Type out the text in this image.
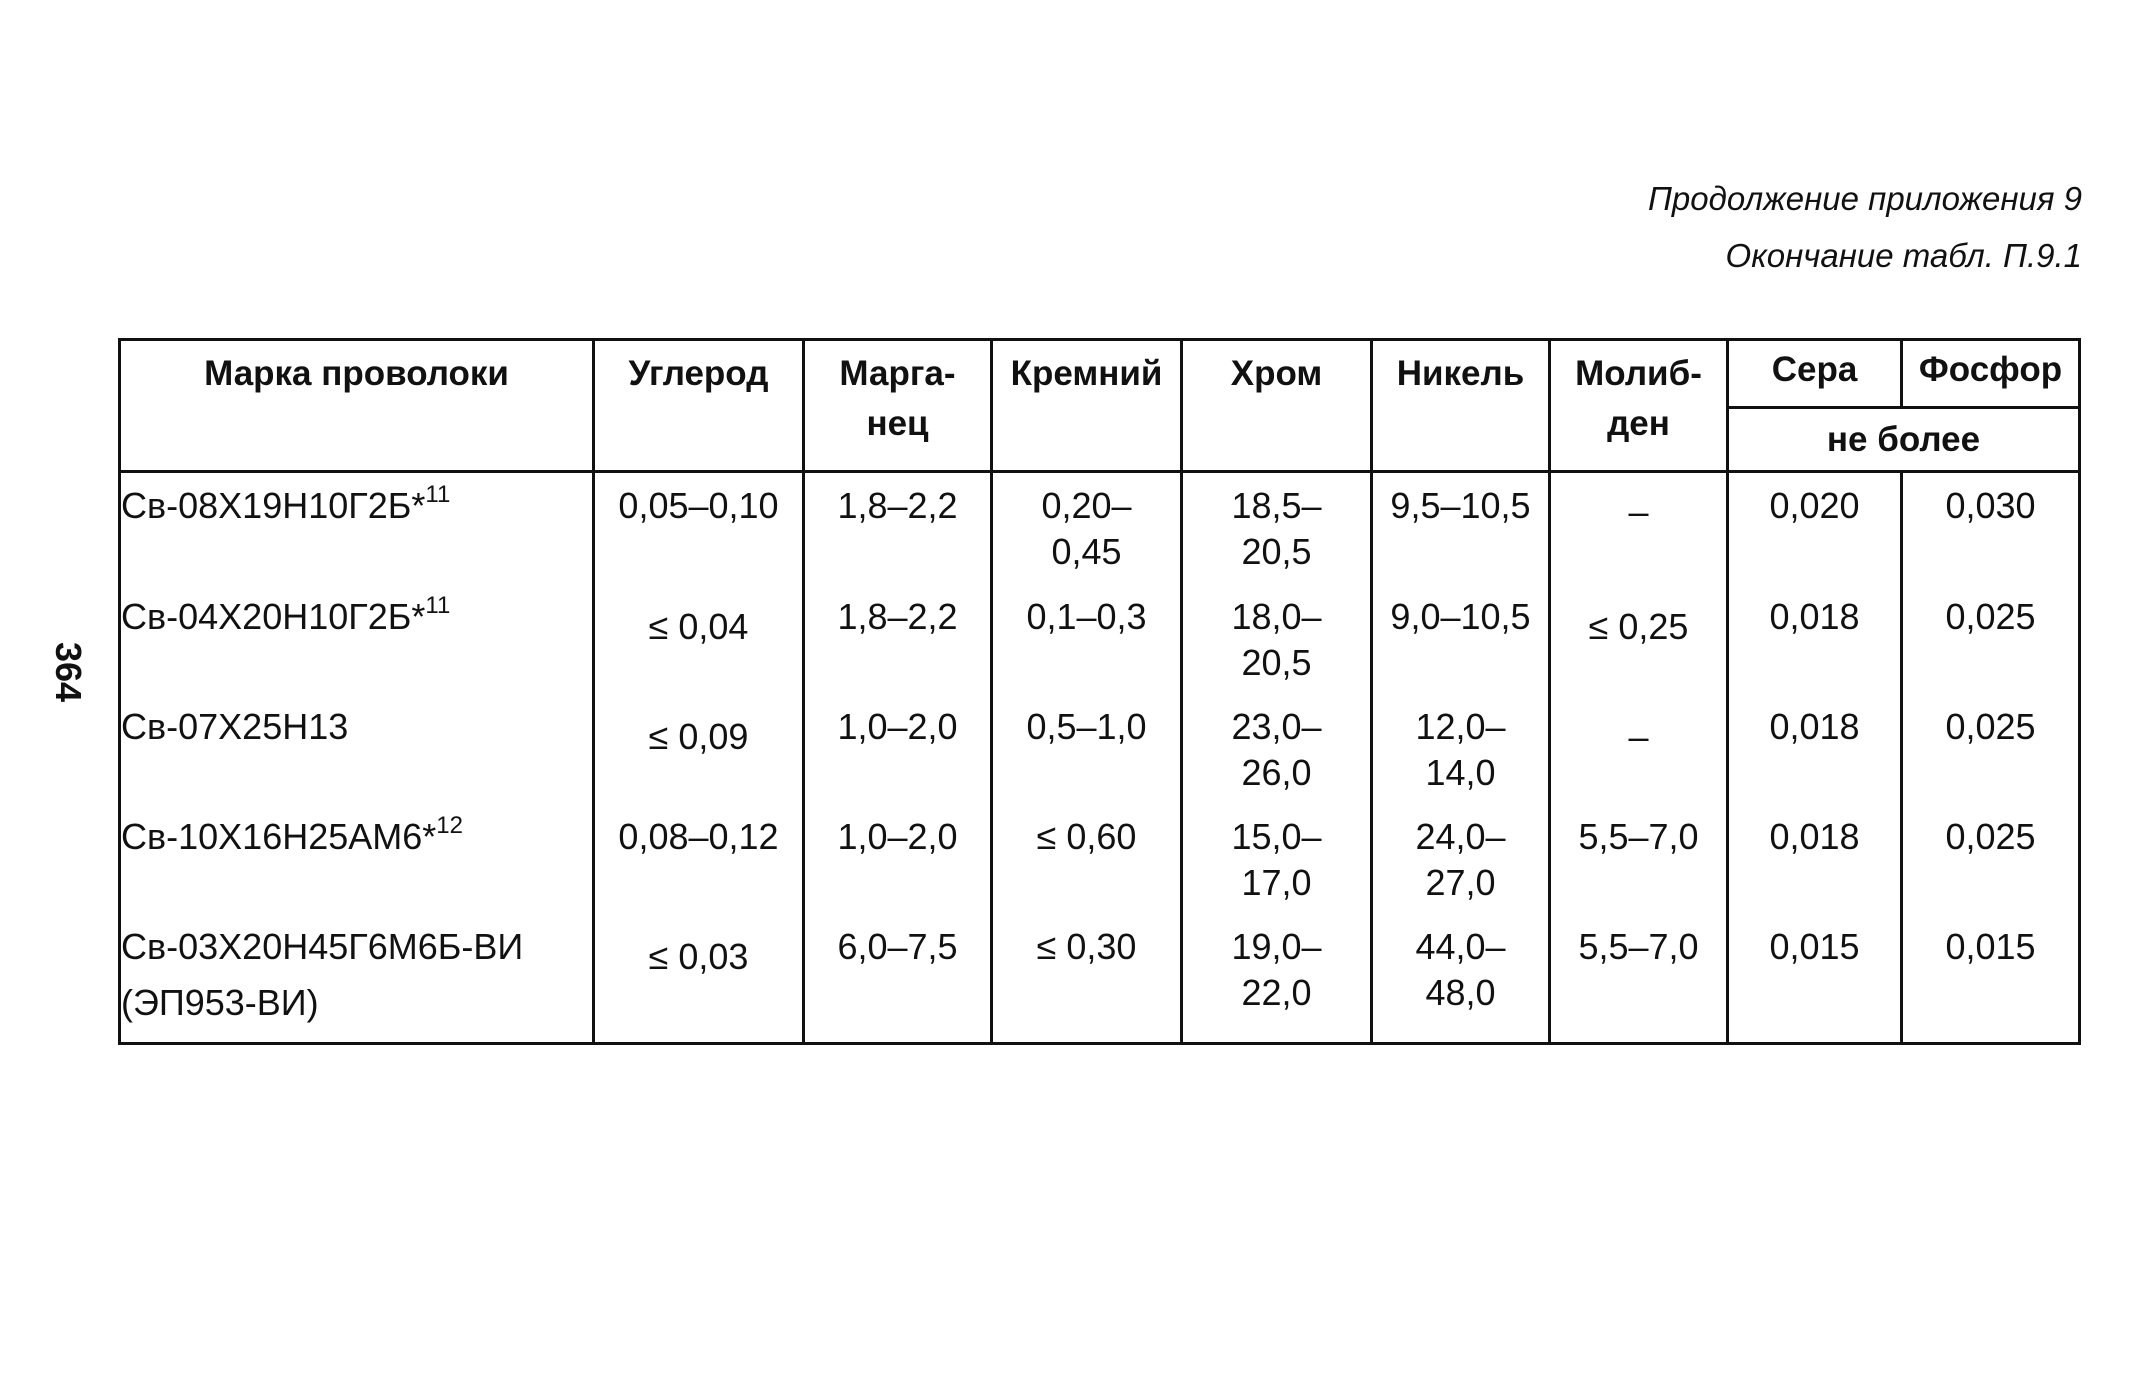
Продолжение приложения 9
Окончание табл. П.9.1
364
Марка проволоки	Углерод	Марга-нец	Кремний	Хром	Никель	Молиб-ден	Сера	Фосфор
							не более	
Св-08Х19Н10Г2Б*$^{11}$	0,05–0,10	1,8–2,2	0,20–0,45	18,5–20,5	9,5–10,5	–	0,020	0,030
Св-04Х20Н10Г2Б*$^{11}$	≤ 0,04	1,8–2,2	0,1–0,3	18,0–20,5	9,0–10,5	≤ 0,25	0,018	0,025
Св-07Х25Н13	≤ 0,09	1,0–2,0	0,5–1,0	23,0–26,0	12,0–14,0	–	0,018	0,025
Св-10Х16Н25АМ6*$^{12}$	0,08–0,12	1,0–2,0	≤ 0,60	15,0–17,0	24,0–27,0	5,5–7,0	0,018	0,025
Св-03Х20Н45Г6М6Б-ВИ
(ЭП953-ВИ)	≤ 0,03	6,0–7,5	≤ 0,30	19,0–22,0	44,0–48,0	5,5–7,0	0,015	0,015
